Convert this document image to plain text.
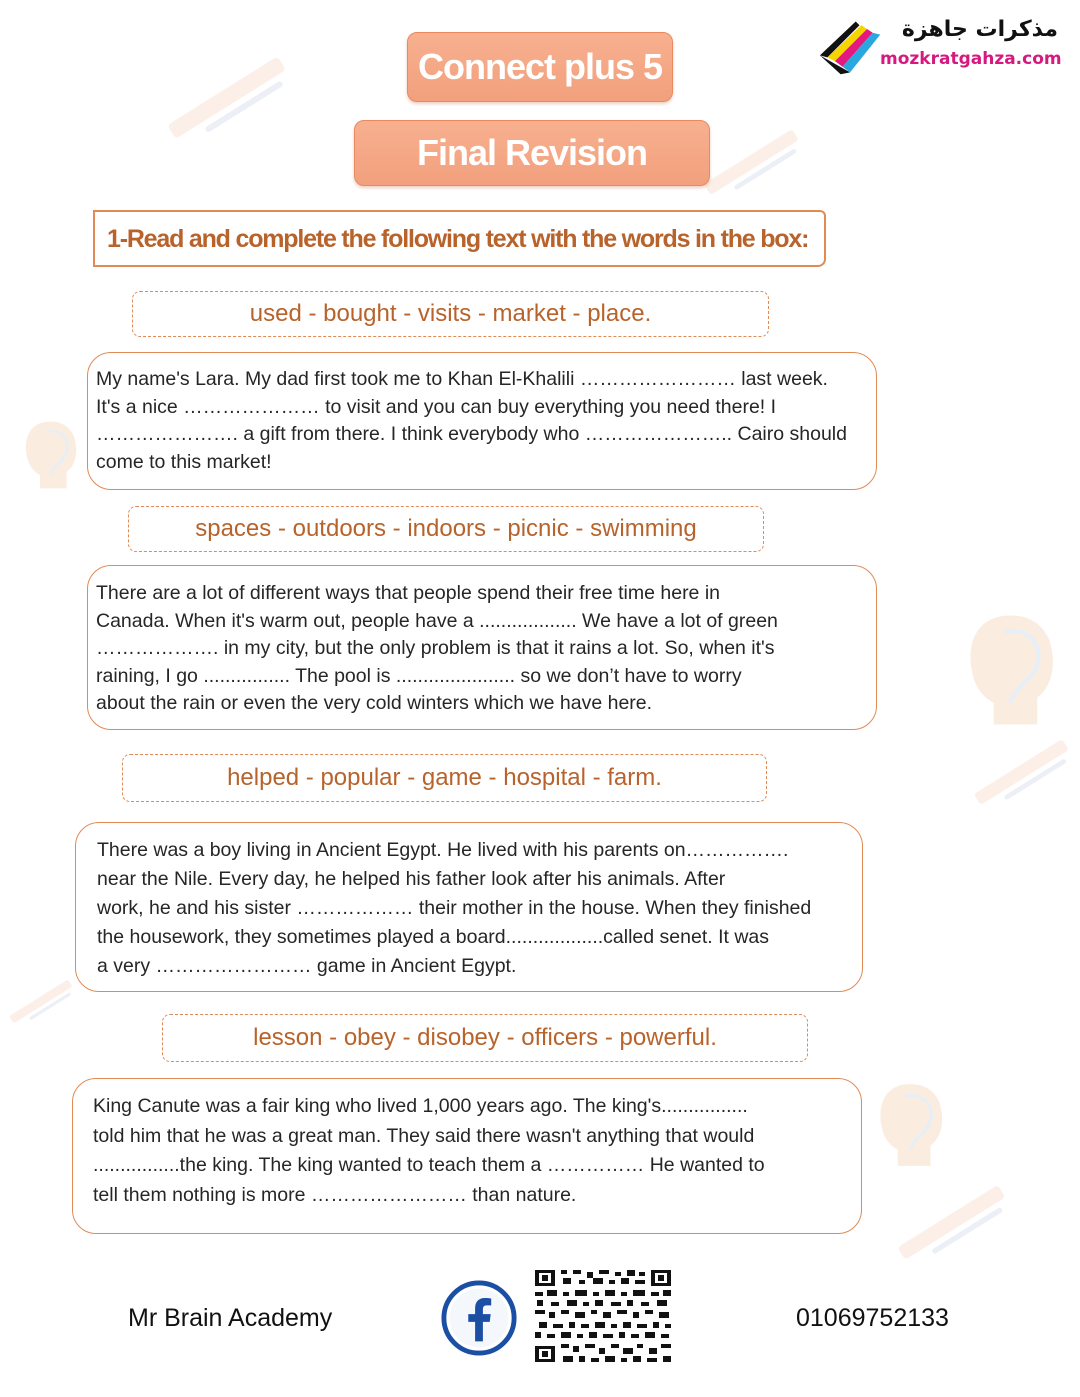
Connect plus 5
Final Revision
مذكرات جاهزة
mozkratgahza.com
1-Read and complete the following text with the words in the box:
used - bought - visits - market - place.
My name's Lara. My dad first took me to Khan El-Khalili …………………… last week.
It's a nice ………………… to visit and you can buy everything you need there! I
…………………. a gift from there. I think everybody who ………………….. Cairo should
come to this market!
spaces - outdoors - indoors - picnic - swimming
There are a lot of different ways that people spend their free time here in
Canada. When it's warm out, people have a .................. We have a lot of green
………………. in my city, but the only problem is that it rains a lot. So, when it's
raining, I go ................ The pool is ...................... so we don’t have to worry
about the rain or even the very cold winters which we have here.
helped - popular - game - hospital - farm.
There was a boy living in Ancient Egypt. He lived with his parents on…………….
near the Nile. Every day, he helped his father look after his animals. After
work, he and his sister ……………… their mother in the house. When they finished
the housework, they sometimes played a board..................called senet. It was
a very …………………… game in Ancient Egypt.
lesson - obey - disobey - officers - powerful.
King Canute was a fair king who lived 1,000 years ago. The king's................
told him that he was a great man. They said there wasn't anything that would
................the king. The king wanted to teach them a …………… He wanted to
tell them nothing is more …………………… than nature.
Mr Brain Academy	01069752133
